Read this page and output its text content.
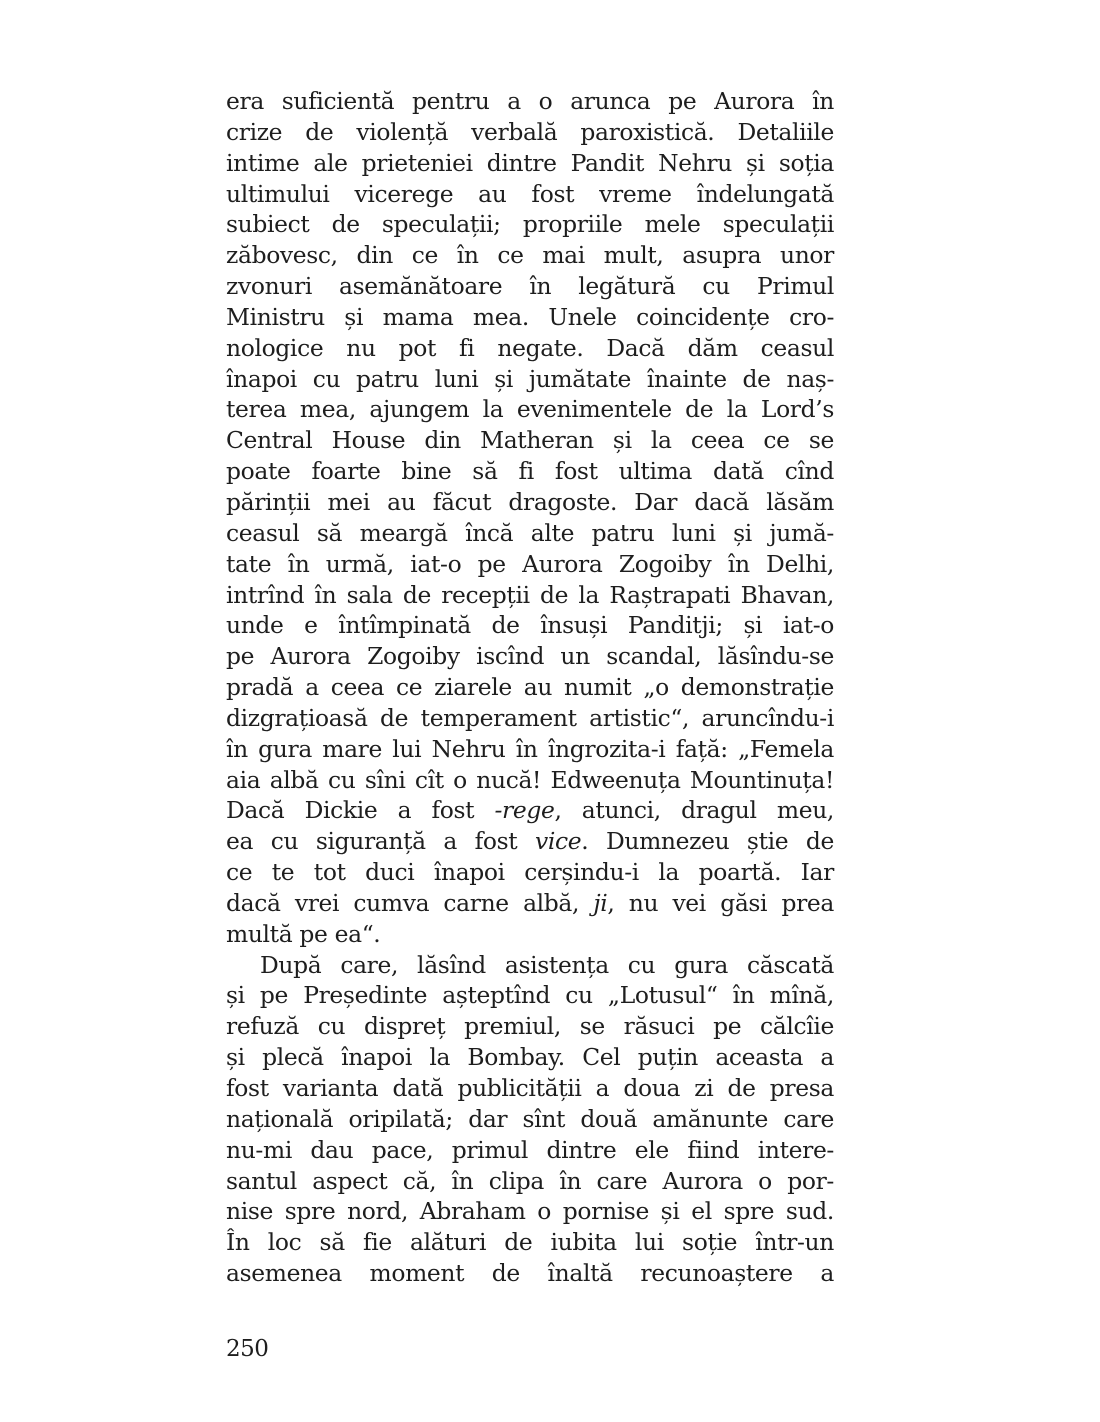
era suficientă pentru a o arunca pe Aurora în
crize de violență verbală paroxistică. Detaliile
intime ale prieteniei dintre Pandit Nehru și soția
ultimului vicerege au fost vreme îndelungată
subiect de speculații; propriile mele speculații
zăbovesc, din ce în ce mai mult, asupra unor
zvonuri asemănătoare în legătură cu Primul
Ministru și mama mea. Unele coincidențe cro-
nologice nu pot fi negate. Dacă dăm ceasul
înapoi cu patru luni și jumătate înainte de naș-
terea mea, ajungem la evenimentele de la Lord’s
Central House din Matheran și la ceea ce se
poate foarte bine să fi fost ultima dată cînd
părinții mei au făcut dragoste. Dar dacă lăsăm
ceasul să meargă încă alte patru luni și jumă-
tate în urmă, iat-o pe Aurora Zogoiby în Delhi,
intrînd în sala de recepții de la Raștrapati Bhavan,
unde e întîmpinată de însuși Panditji; și iat-o
pe Aurora Zogoiby iscînd un scandal, lăsîndu-se
pradă a ceea ce ziarele au numit „o demonstrație
dizgrațioasă de temperament artistic“, aruncîndu-i
în gura mare lui Nehru în îngrozita-i față: „Femela
aia albă cu sîni cît o nucă! Edweenuța Mountinuța!
Dacă Dickie a fost -rege, atunci, dragul meu,
ea cu siguranță a fost vice. Dumnezeu știe de
ce te tot duci înapoi cerșindu-i la poartă. Iar
dacă vrei cumva carne albă, ji, nu vei găsi prea
multă pe ea“.
După care, lăsînd asistența cu gura căscată
și pe Președinte așteptînd cu „Lotusul“ în mînă,
refuză cu dispreț premiul, se răsuci pe călcîie
și plecă înapoi la Bombay. Cel puțin aceasta a
fost varianta dată publicității a doua zi de presa
națională oripilată; dar sînt două amănunte care
nu-mi dau pace, primul dintre ele fiind intere-
santul aspect că, în clipa în care Aurora o por-
nise spre nord, Abraham o pornise și el spre sud.
În loc să fie alături de iubita lui soție într-un
asemenea moment de înaltă recunoaștere a
250
